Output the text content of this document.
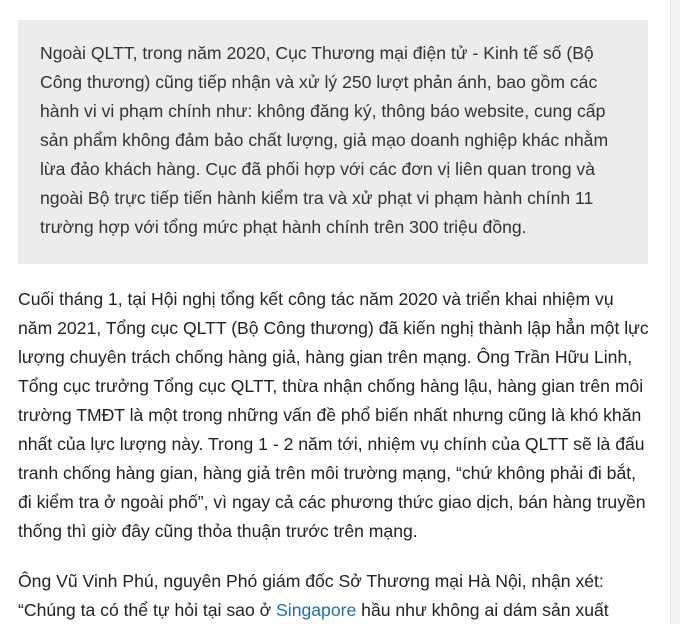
Ngoài QLTT, trong năm 2020, Cục Thương mại điện tử - Kinh tế số (Bộ Công thương) cũng tiếp nhận và xử lý 250 lượt phản ánh, bao gồm các hành vi vi phạm chính như: không đăng ký, thông báo website, cung cấp sản phẩm không đảm bảo chất lượng, giả mạo doanh nghiệp khác nhằm lừa đảo khách hàng. Cục đã phối hợp với các đơn vị liên quan trong và ngoài Bộ trực tiếp tiến hành kiểm tra và xử phạt vi phạm hành chính 11 trường hợp với tổng mức phạt hành chính trên 300 triệu đồng.

Cuối tháng 1, tại Hội nghị tổng kết công tác năm 2020 và triển khai nhiệm vụ năm 2021, Tổng cục QLTT (Bộ Công thương) đã kiến nghị thành lập hẳn một lực lượng chuyên trách chống hàng giả, hàng gian trên mạng. Ông Trần Hữu Linh, Tổng cục trưởng Tổng cục QLTT, thừa nhận chống hàng lậu, hàng gian trên môi trường TMĐT là một trong những vấn đề phổ biến nhất nhưng cũng là khó khăn nhất của lực lượng này. Trong 1 - 2 năm tới, nhiệm vụ chính của QLTT sẽ là đấu tranh chống hàng gian, hàng giả trên môi trường mạng, “chứ không phải đi bắt, đi kiểm tra ở ngoài phố”, vì ngay cả các phương thức giao dịch, bán hàng truyền thống thì giờ đây cũng thỏa thuận trước trên mạng.

Ông Vũ Vinh Phú, nguyên Phó giám đốc Sở Thương mại Hà Nội, nhận xét: “Chúng ta có thể tự hỏi tại sao ở Singapore hầu như không ai dám sản xuất
